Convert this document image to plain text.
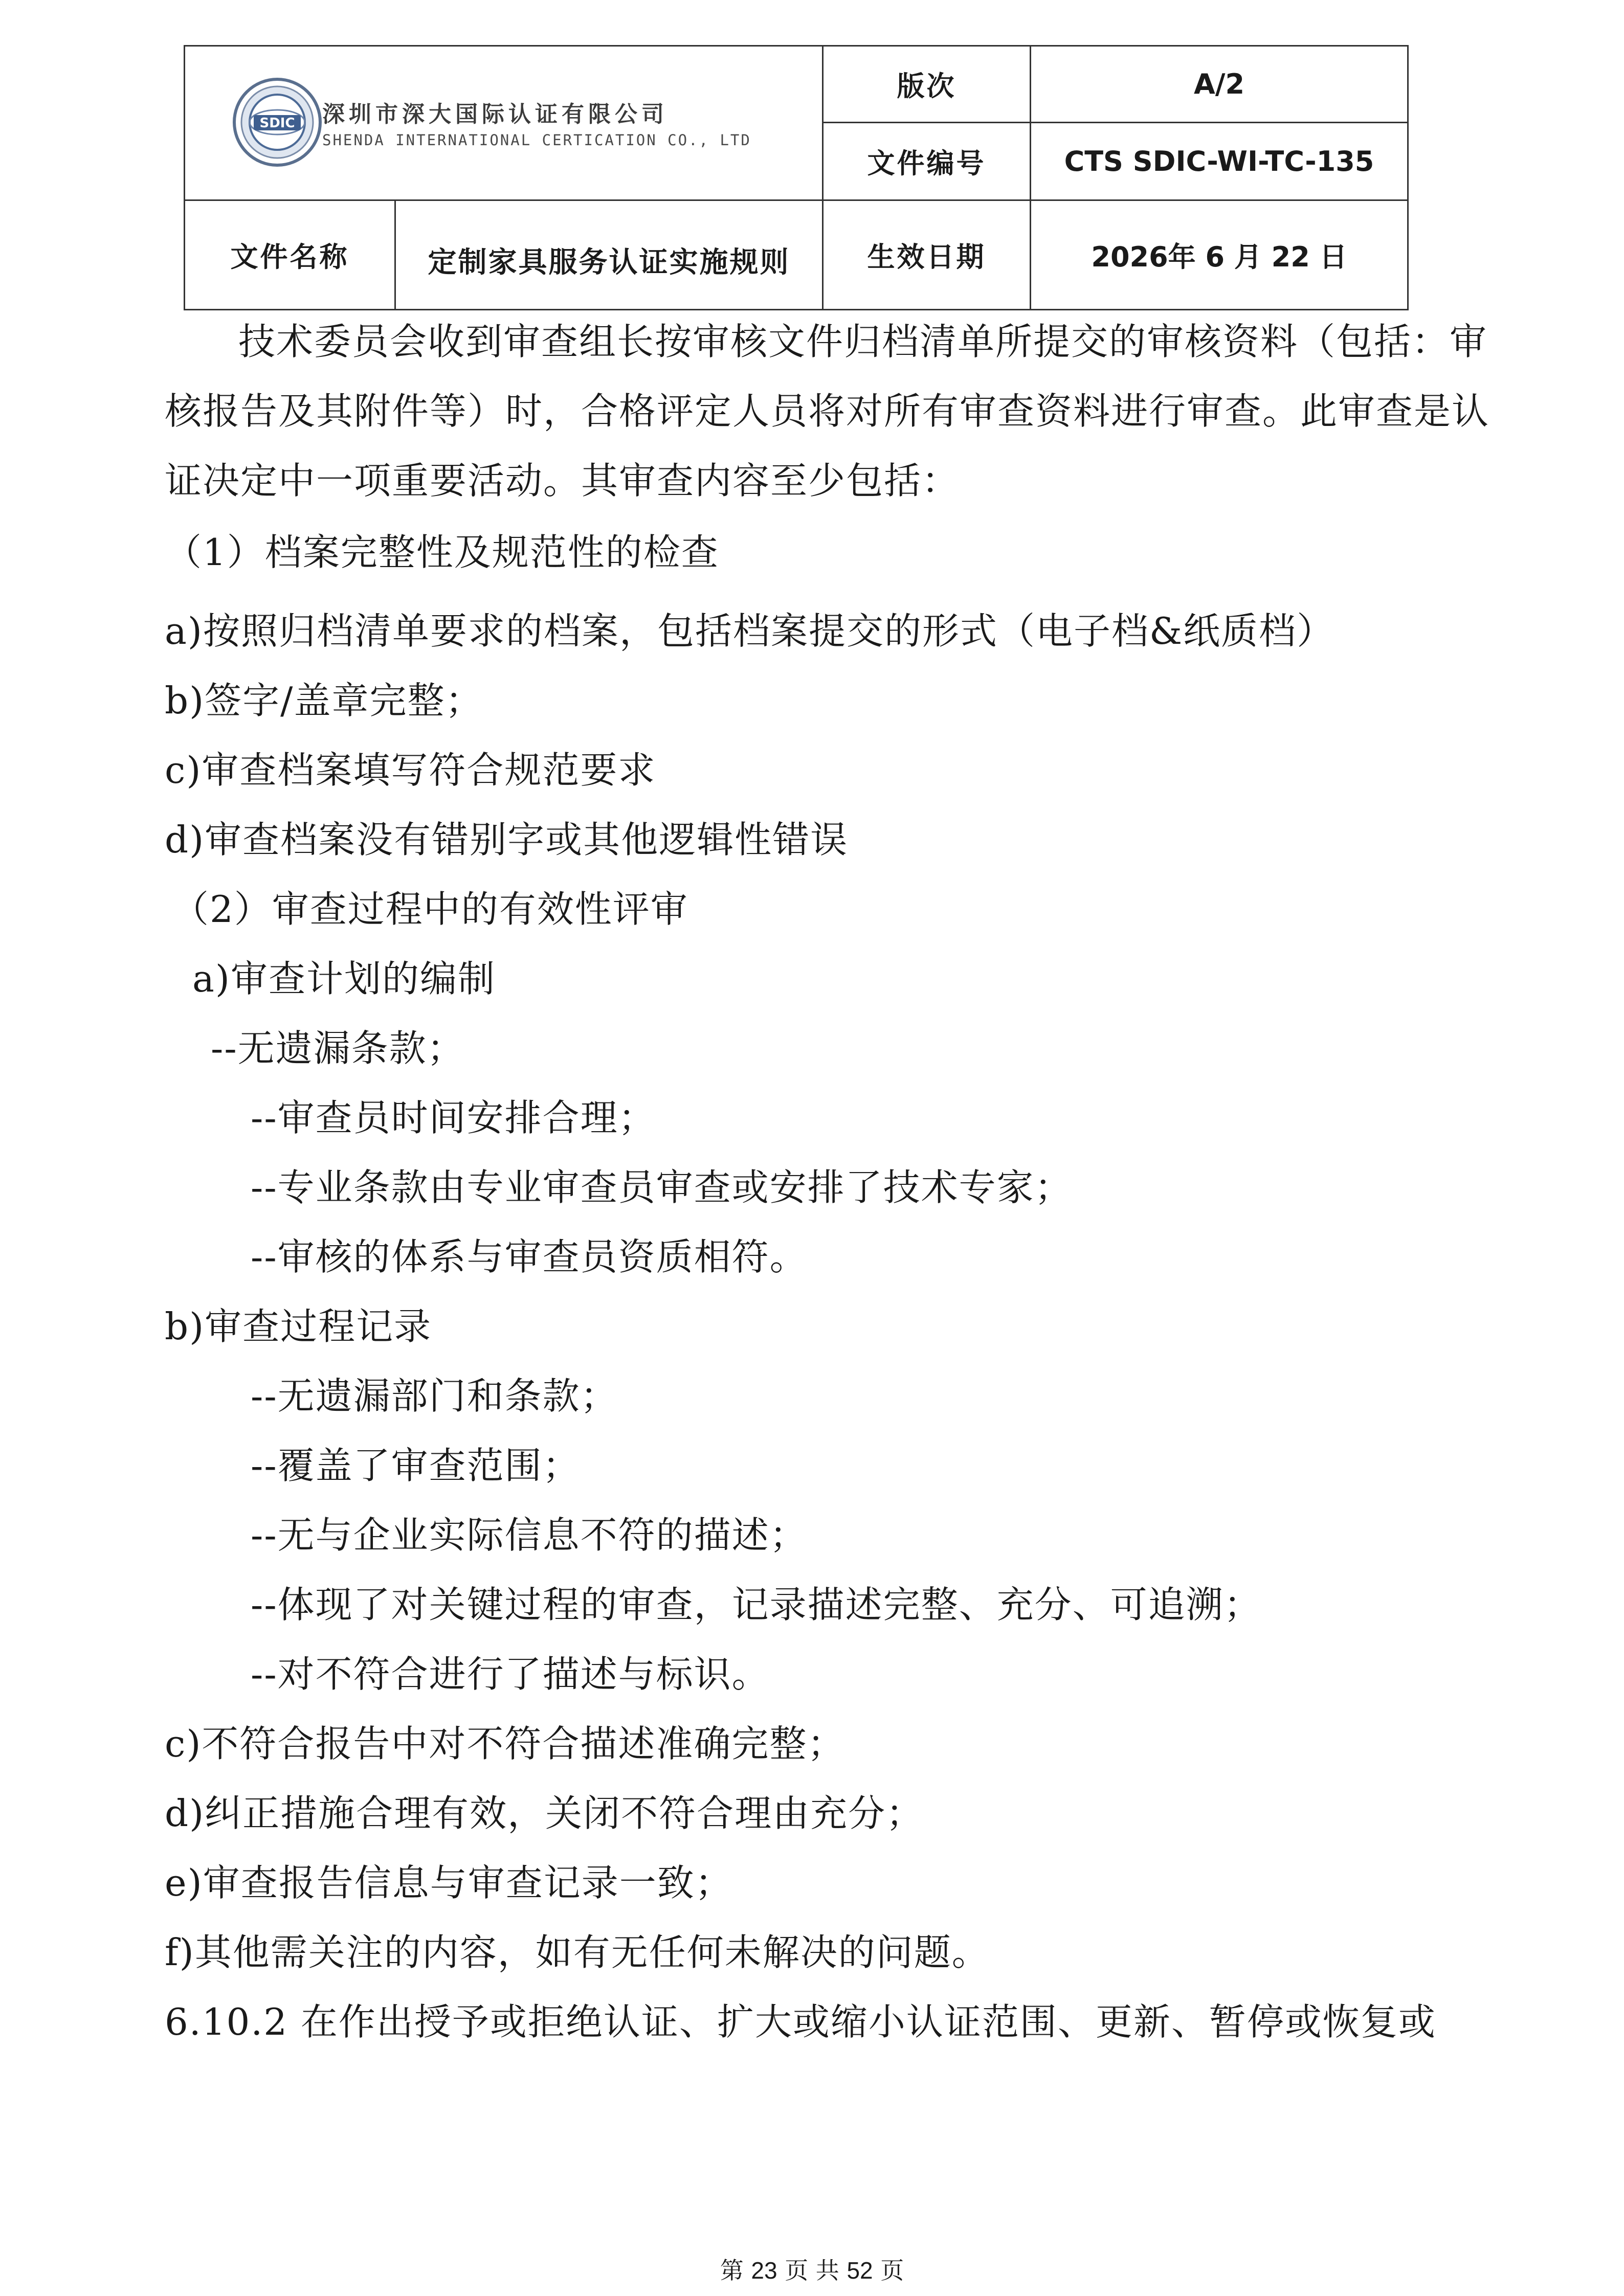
SDIC 深圳市深大国际认证有限公司
SHENDA INTERNATIONAL CERTICATION CO., LTD		版次	A/2
		文件编号	CTS SDIC-WI-TC-135
文件名称	定制家具服务认证实施规则	生效日期	2026年 6 月 22 日

技术委员会收到审查组长按审核文件归档清单所提交的审核资料（包括：审

核报告及其附件等）时，合格评定人员将对所有审查资料进行审查。此审查是认

证决定中一项重要活动。其审查内容至少包括：

（1）档案完整性及规范性的检查

a)按照归档清单要求的档案，包括档案提交的形式（电子档&纸质档）

b)签字/盖章完整；

c)审查档案填写符合规范要求

d)审查档案没有错别字或其他逻辑性错误

（2）审查过程中的有效性评审

a)审查计划的编制

--无遗漏条款；

--审查员时间安排合理；

--专业条款由专业审查员审查或安排了技术专家；

--审核的体系与审查员资质相符。

b)审查过程记录

--无遗漏部门和条款；

--覆盖了审查范围；

--无与企业实际信息不符的描述；

--体现了对关键过程的审查，记录描述完整、充分、可追溯；

--对不符合进行了描述与标识。

c)不符合报告中对不符合描述准确完整；

d)纠正措施合理有效，关闭不符合理由充分；

e)审查报告信息与审查记录一致；

f)其他需关注的内容，如有无任何未解决的问题。

6.10.2 在作出授予或拒绝认证、扩大或缩小认证范围、更新、暂停或恢复或

第 23 页 共 52 页
